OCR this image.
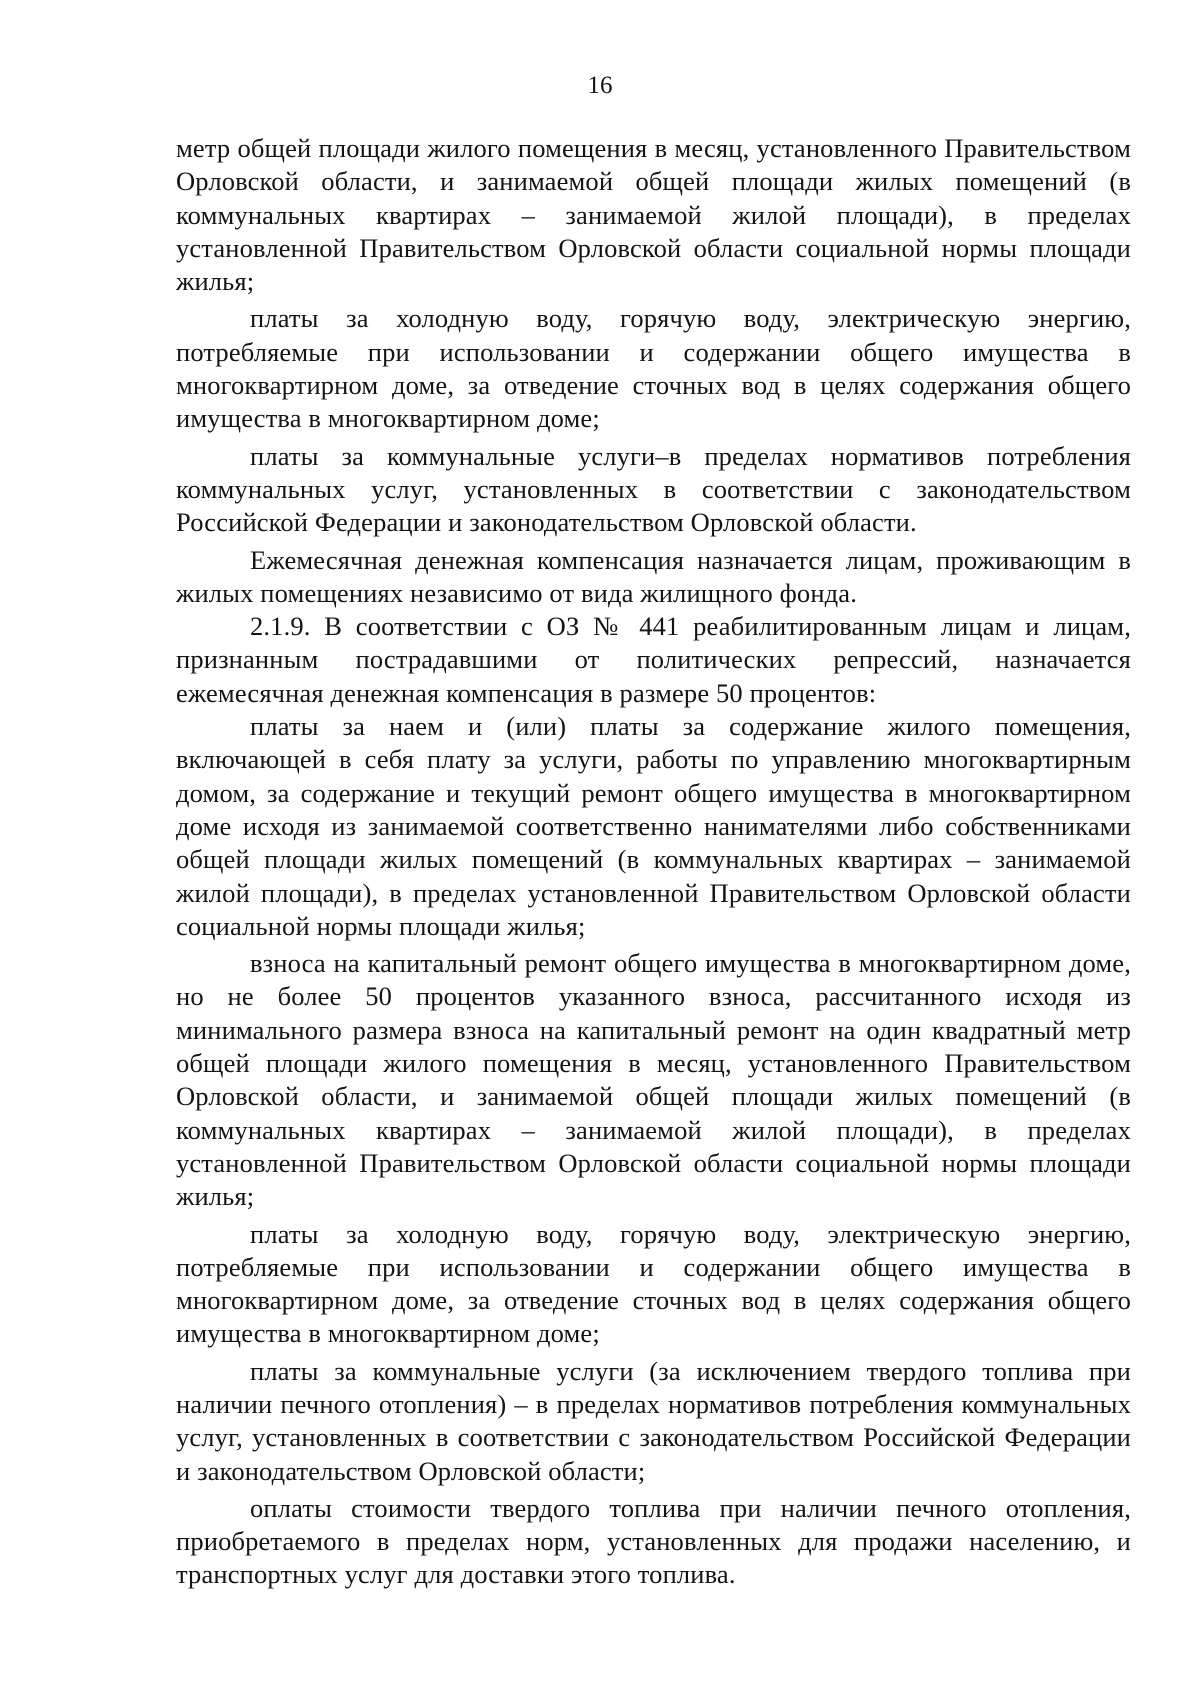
16

метр общей площади жилого помещения в месяц, установленного Правительством Орловской области, и занимаемой общей площади жилых помещений (в коммунальных квартирах – занимаемой жилой площади), в пределах установленной Правительством Орловской области социальной нормы площади жилья;

платы за холодную воду, горячую воду, электрическую энергию, потребляемые при использовании и содержании общего имущества в многоквартирном доме, за отведение сточных вод в целях содержания общего имущества в многоквартирном доме;

платы за коммунальные услуги–в пределах нормативов потребления коммунальных услуг, установленных в соответствии с законодательством Российской Федерации и законодательством Орловской области.

Ежемесячная денежная компенсация назначается лицам, проживающим в жилых помещениях независимо от вида жилищного фонда.

2.1.9. В соответствии с ОЗ № 441 реабилитированным лицам и лицам, признанным пострадавшими от политических репрессий, назначается ежемесячная денежная компенсация в размере 50 процентов:

платы за наем и (или) платы за содержание жилого помещения, включающей в себя плату за услуги, работы по управлению многоквартирным домом, за содержание и текущий ремонт общего имущества в многоквартирном доме исходя из занимаемой соответственно нанимателями либо собственниками общей площади жилых помещений (в коммунальных квартирах – занимаемой жилой площади), в пределах установленной Правительством Орловской области социальной нормы площади жилья;

взноса на капитальный ремонт общего имущества в многоквартирном доме, но не более 50 процентов указанного взноса, рассчитанного исходя из минимального размера взноса на капитальный ремонт на один квадратный метр общей площади жилого помещения в месяц, установленного Правительством Орловской области, и занимаемой общей площади жилых помещений (в коммунальных квартирах – занимаемой жилой площади), в пределах установленной Правительством Орловской области социальной нормы площади жилья;

платы за холодную воду, горячую воду, электрическую энергию, потребляемые при использовании и содержании общего имущества в многоквартирном доме, за отведение сточных вод в целях содержания общего имущества в многоквартирном доме;

платы за коммунальные услуги (за исключением твердого топлива при наличии печного отопления) – в пределах нормативов потребления коммунальных услуг, установленных в соответствии с законодательством Российской Федерации и законодательством Орловской области;

оплаты стоимости твердого топлива при наличии печного отопления, приобретаемого в пределах норм, установленных для продажи населению, и транспортных услуг для доставки этого топлива.
